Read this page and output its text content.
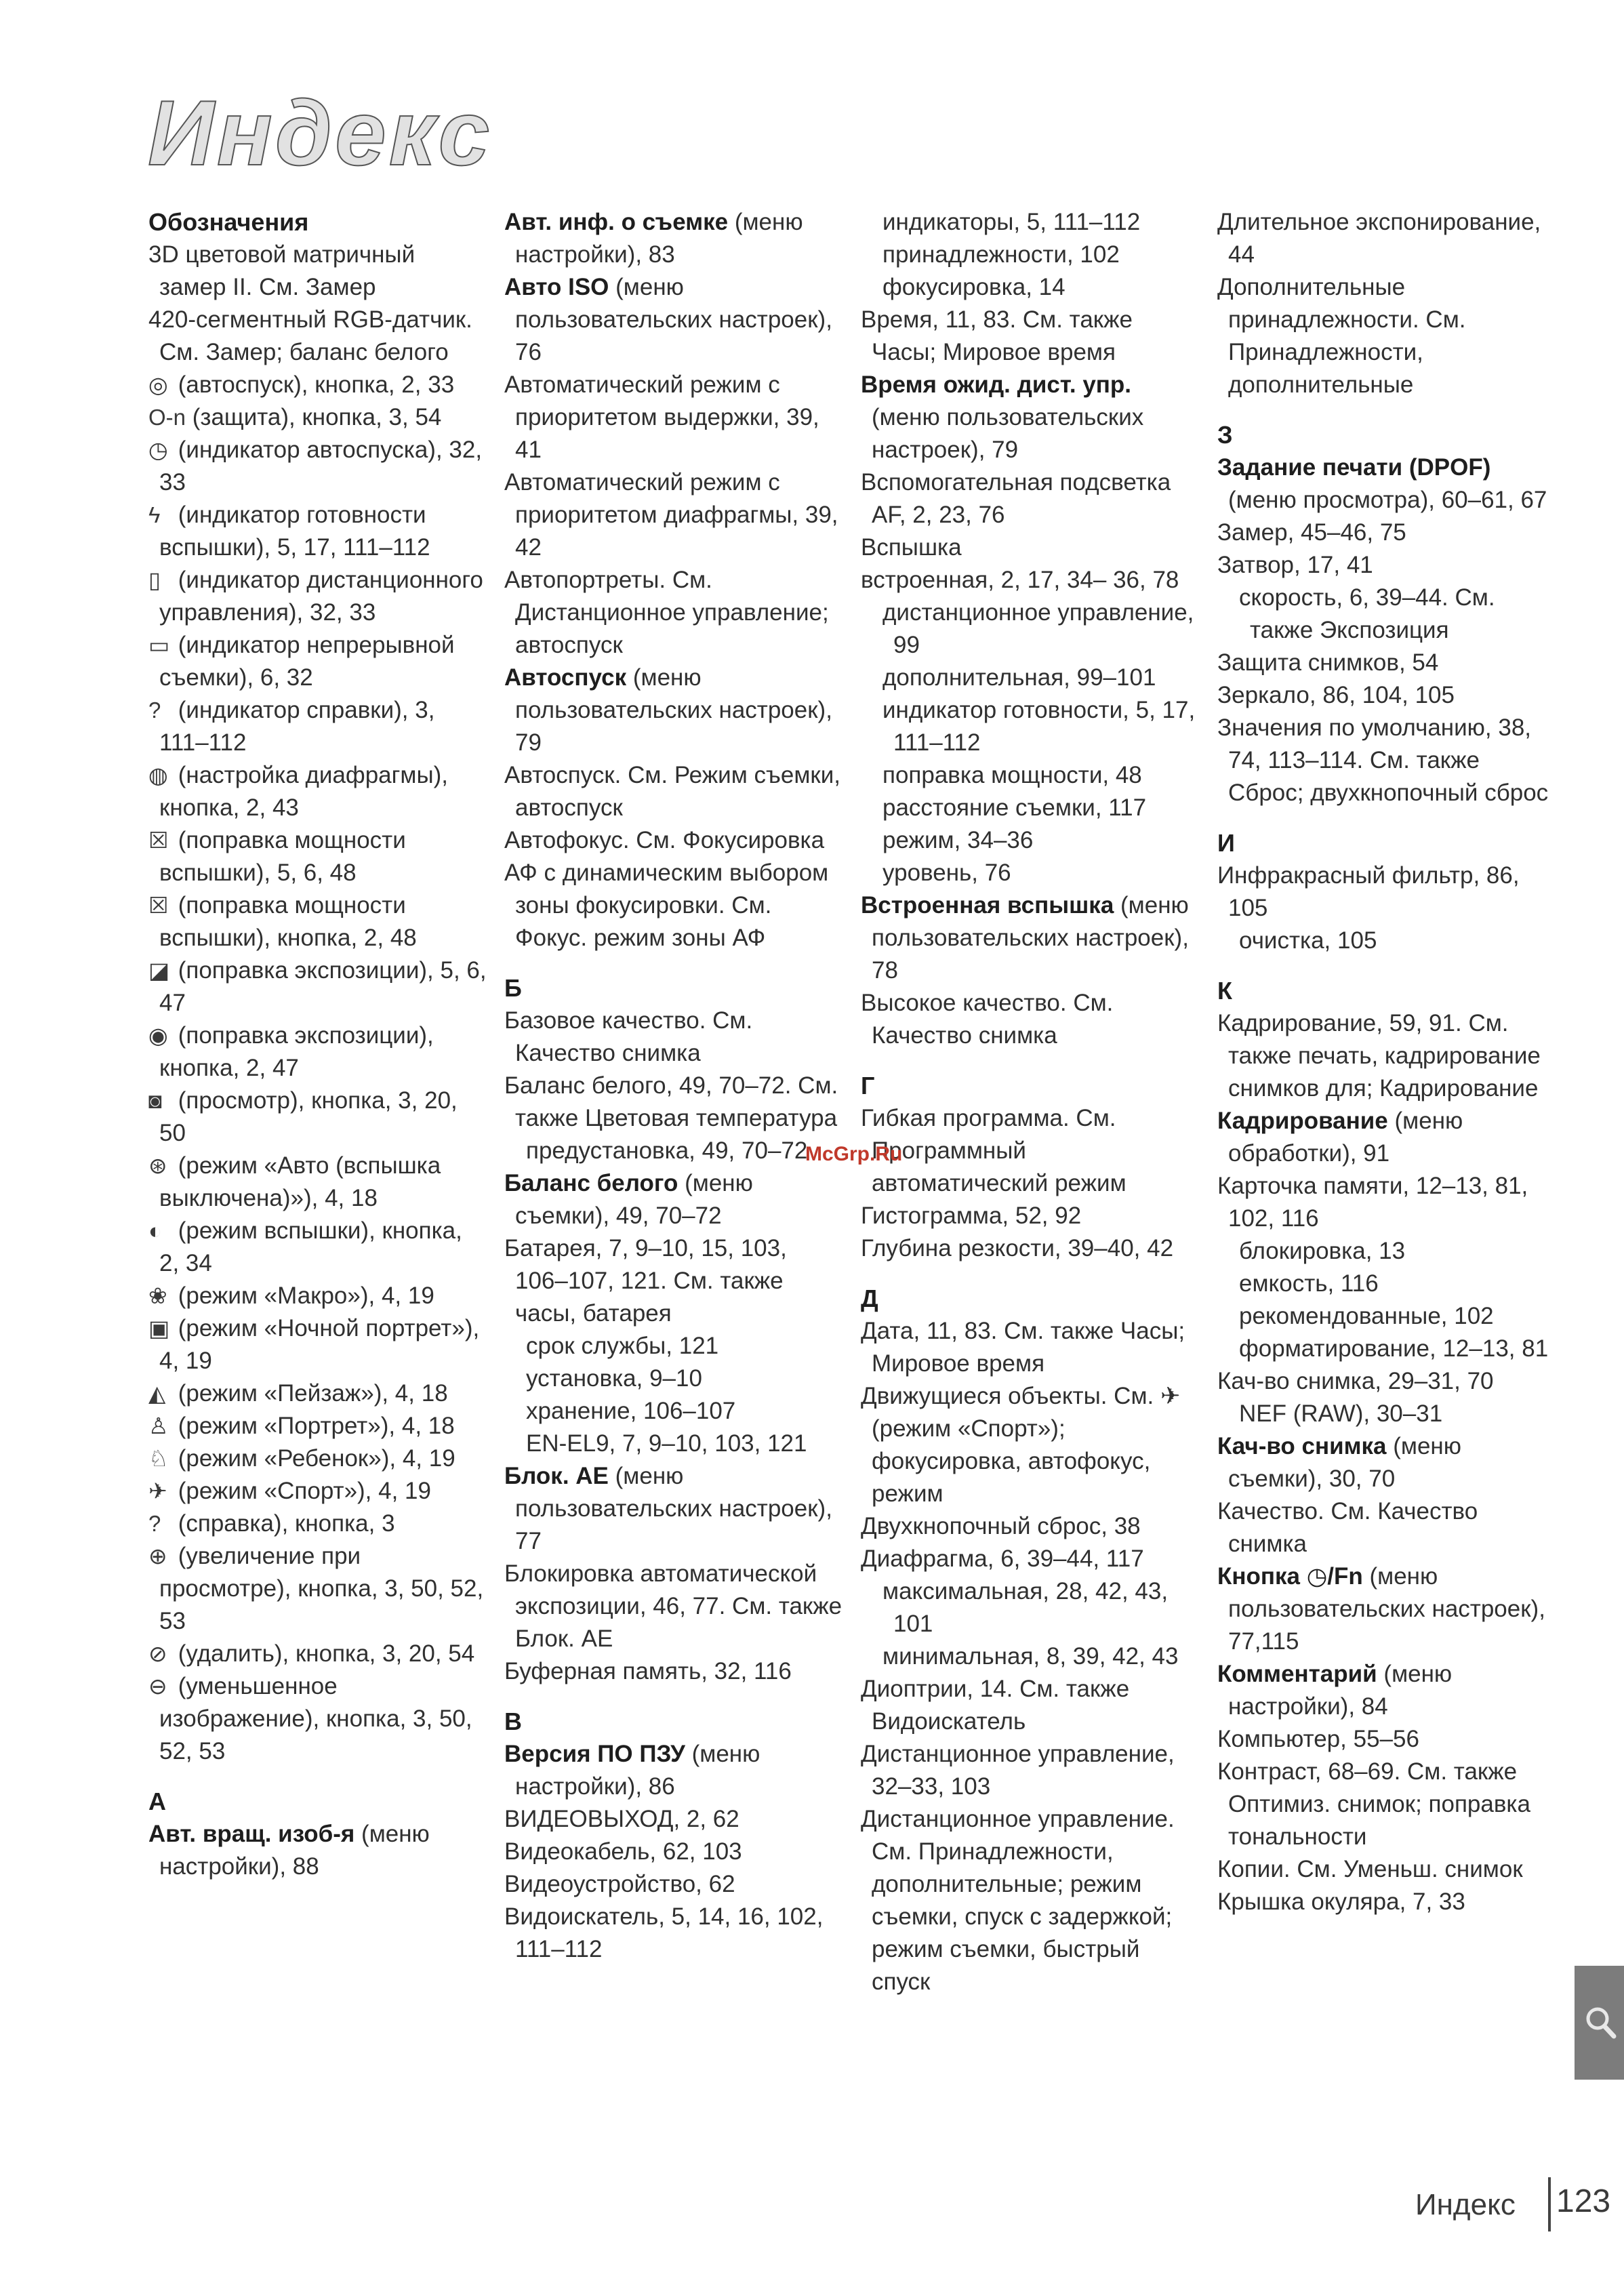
Индекс
Обозначения
3D цветовой матричный замер II. См. Замер
420-сегментный RGB-датчик. См. Замер; баланс белого
◎ (автоспуск), кнопка, 2, 33
O-n (защита), кнопка, 3, 54
◷ (индикатор автоспуска), 32, 33
ϟ (индикатор готовности вспышки), 5, 17, 111–112
▯ (индикатор дистанционного управления), 32, 33
▭ (индикатор непрерывной съемки), 6, 32
? (индикатор справки), 3, 111–112
◍ (настройка диафрагмы), кнопка, 2, 43
☒ (поправка мощности вспышки), 5, 6, 48
☒ (поправка мощности вспышки), кнопка, 2, 48
◪ (поправка экспозиции), 5, 6, 47
◉ (поправка экспозиции), кнопка, 2, 47
◙ (просмотр), кнопка, 3, 20, 50
⊛ (режим «Авто (вспышка выключена)»), 4, 18
◐ (режим вспышки), кнопка, 2, 34
❀ (режим «Макро»), 4, 19
▣ (режим «Ночной портрет»), 4, 19
◭ (режим «Пейзаж»), 4, 18
♙ (режим «Портрет»), 4, 18
♘ (режим «Ребенок»), 4, 19
✈ (режим «Спорт»), 4, 19
? (справка), кнопка, 3
⊕ (увеличение при просмотре), кнопка, 3, 50, 52, 53
⊘ (удалить), кнопка, 3, 20, 54
⊖ (уменьшенное изображение), кнопка, 3, 50, 52, 53
А
Авт. вращ. изоб-я (меню настройки), 88
Авт. инф. о съемке (меню настройки), 83
Авто ISO (меню пользовательских настроек), 76
Автоматический режим с приоритетом выдержки, 39, 41
Автоматический режим с приоритетом диафрагмы, 39, 42
Автопортреты. См. Дистанционное управление; автоспуск
Автоспуск (меню пользовательских настроек), 79
Автоспуск. См. Режим съемки, автоспуск
Автофокус. См. Фокусировка
АФ с динамическим выбором зоны фокусировки. См. Фокус. режим зоны АФ
Б
Базовое качество. См. Качество снимка
Баланс белого, 49, 70–72. См. также Цветовая температура
предустановка, 49, 70–72
Баланс белого (меню съемки), 49, 70–72
Батарея, 7, 9–10, 15, 103, 106–107, 121. См. также часы, батарея
срок службы, 121
установка, 9–10
хранение, 106–107
EN-EL9, 7, 9–10, 103, 121
Блок. AE (меню пользовательских настроек), 77
Блокировка автоматической экспозиции, 46, 77. См. также Блок. AE
Буферная память, 32, 116
В
Версия ПО ПЗУ (меню настройки), 86
ВИДЕОВЫХОД, 2, 62
Видеокабель, 62, 103
Видеоустройство, 62
Видоискатель, 5, 14, 16, 102, 111–112
индикаторы, 5, 111–112
принадлежности, 102
фокусировка, 14
Время, 11, 83. См. также Часы; Мировое время
Время ожид. дист. упр. (меню пользовательских настроек), 79
Вспомогательная подсветка АF, 2, 23, 76
Вспышка
встроенная, 2, 17, 34– 36, 78
дистанционное управление, 99
дополнительная, 99–101
индикатор готовности, 5, 17, 111–112
поправка мощности, 48
расстояние съемки, 117
режим, 34–36
уровень, 76
Встроенная вспышка (меню пользовательских настроек), 78
Высокое качество. См. Качество снимка
Г
Гибкая программа. См. Программный автоматический режим
Гистограмма, 52, 92
Глубина резкости, 39–40, 42
Д
Дата, 11, 83. См. также Часы; Мировое время
Движущиеся объекты. См. ✈ (режим «Спорт»); фокусировка, автофокус, режим
Двухкнопочный сброс, 38
Диафрагма, 6, 39–44, 117
максимальная, 28, 42, 43, 101
минимальная, 8, 39, 42, 43
Диоптрии, 14. См. также Видоискатель
Дистанционное управление, 32–33, 103
Дистанционное управление. См. Принадлежности, дополнительные; режим съемки, спуск с задержкой; режим съемки, быстрый спуск
Длительное экспонирование, 44
Дополнительные принадлежности. См. Принадлежности, дополнительные
З
Задание печати (DPOF) (меню просмотра), 60–61, 67
Замер, 45–46, 75
Затвор, 17, 41
скорость, 6, 39–44. См. также Экспозиция
Защита снимков, 54
Зеркало, 86, 104, 105
Значения по умолчанию, 38, 74, 113–114. См. также Сброс; двухкнопочный сброс
И
Инфракрасный фильтр, 86, 105
очистка, 105
К
Кадрирование, 59, 91. См. также печать, кадрирование снимков для; Кадрирование
Кадрирование (меню обработки), 91
Карточка памяти, 12–13, 81, 102, 116
блокировка, 13
емкость, 116
рекомендованные, 102
форматирование, 12–13, 81
Кач-во снимка, 29–31, 70
NEF (RAW), 30–31
Кач-во снимка (меню съемки), 30, 70
Качество. См. Качество снимка
Кнопка ◷/Fn (меню пользовательских настроек), 77,115
Комментарий (меню настройки), 84
Компьютер, 55–56
Контраст, 68–69. См. также Оптимиз. снимок; поправка тональности
Копии. См. Уменьш. снимок
Крышка окуляра, 7, 33
McGrp.Ru
Индекс 123
